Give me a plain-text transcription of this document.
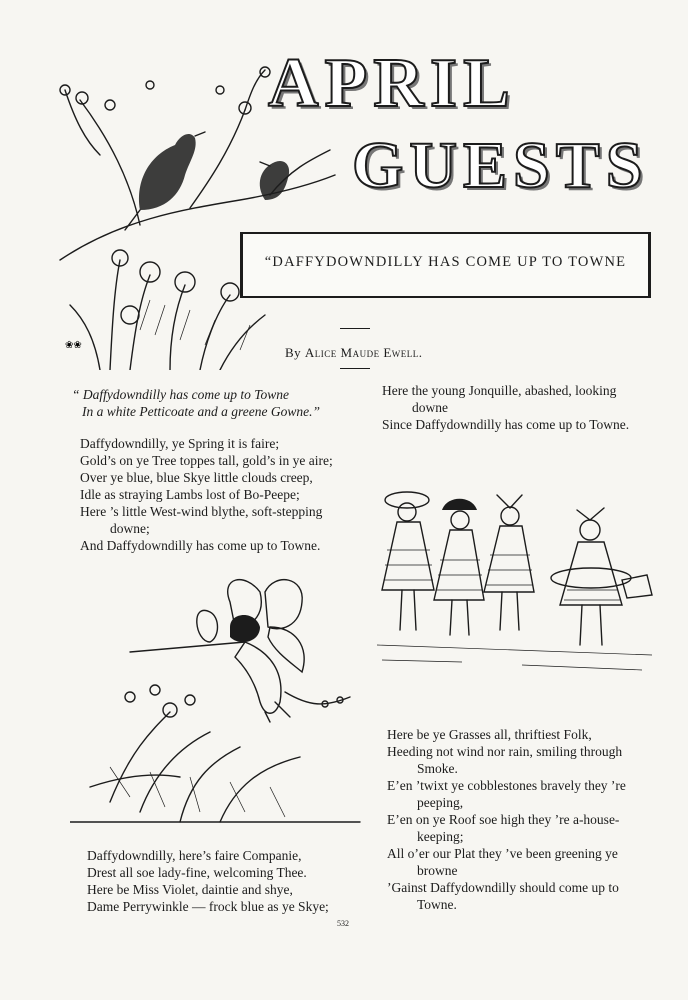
❀❀
APRIL
GUESTS
“DAFFYDOWNDILLY HAS COME UP TO TOWNE
By Alice Maude Ewell.

“ Daffydowndilly has come up to Towne

In a white Petticoate and a greene Gowne.”

Daffydowndilly, ye Spring it is faire;

Gold’s on ye Tree toppes tall, gold’s in ye aire;

Over ye blue, blue Skye little clouds creep,

Idle as straying Lambs lost of Bo-Peepe;

Here ’s little West-wind blythe, soft-stepping

downe;

And Daffydowndilly has come up to Towne.

Here the young Jonquille, abashed, looking

downe

Since Daffydowndilly has come up to Towne.

Here be ye Grasses all, thriftiest Folk,

Heeding not wind nor rain, smiling through

Smoke.

E’en ’twixt ye cobblestones bravely they ’re

peeping,

E’en on ye Roof soe high they ’re a-house-

keeping;

All o’er our Plat they ’ve been greening ye

browne

’Gainst Daffydowndilly should come up to

Towne.

Daffydowndilly, here’s faire Companie,

Drest all soe lady-fine, welcoming Thee.

Here be Miss Violet, daintie and shye,

Dame Perrywinkle — frock blue as ye Skye;

532
